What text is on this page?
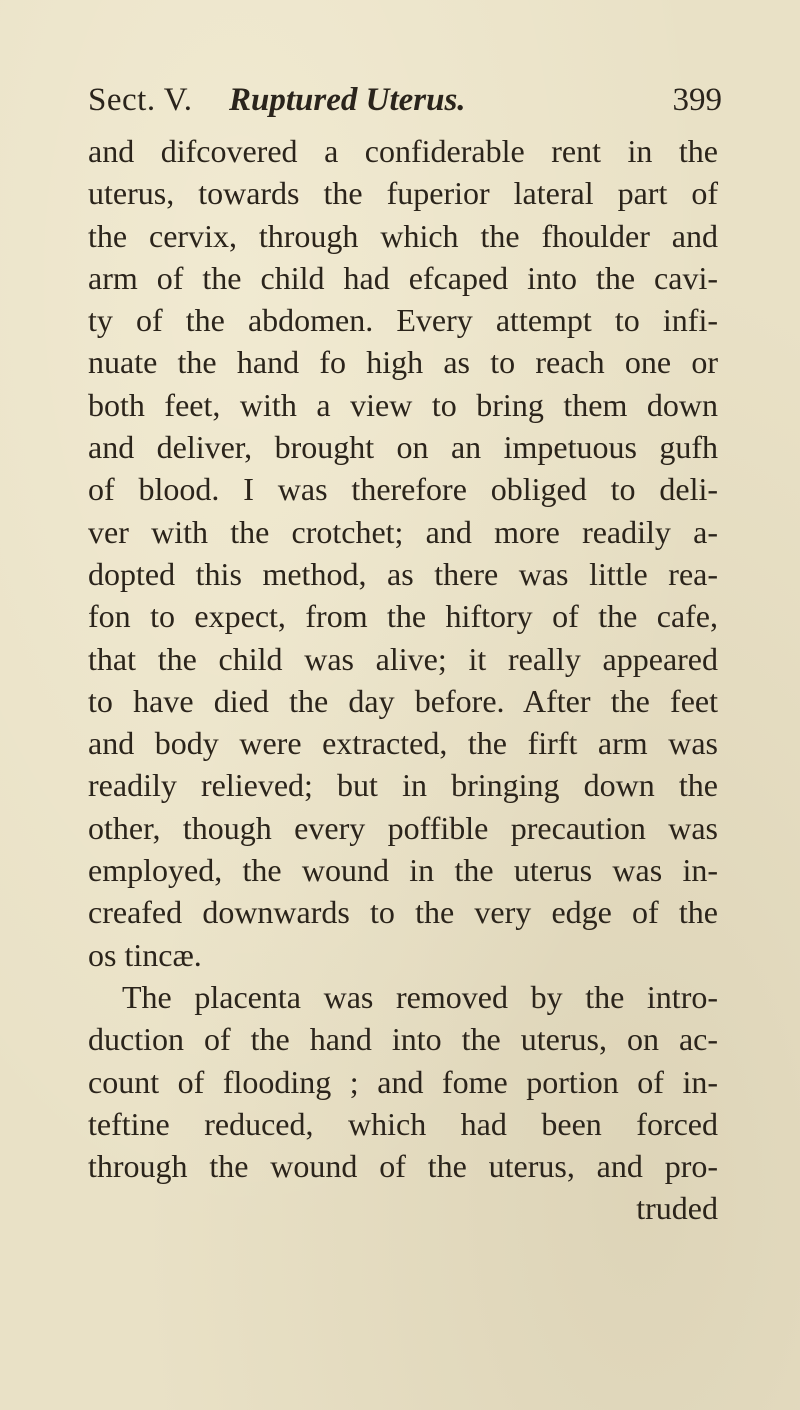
Sect. V. Ruptured Uterus.	399
and difcovered a confiderable rent in the
uterus, towards the fuperior lateral part of
the cervix, through which the fhoulder and
arm of the child had efcaped into the cavi-
ty of the abdomen. Every attempt to infi-
nuate the hand fo high as to reach one or
both feet, with a view to bring them down
and deliver, brought on an impetuous gufh
of blood. I was therefore obliged to deli-
ver with the crotchet; and more readily a-
dopted this method, as there was little rea-
fon to expect, from the hiftory of the cafe,
that the child was alive; it really appeared
to have died the day before. After the feet
and body were extracted, the firft arm was
readily relieved; but in bringing down the
other, though every poffible precaution was
employed, the wound in the uterus was in-
creafed downwards to the very edge of the
os tincæ.
The placenta was removed by the intro-
duction of the hand into the uterus, on ac-
count of flooding ; and fome portion of in-
teftine reduced, which had been forced
through the wound of the uterus, and pro-
truded
